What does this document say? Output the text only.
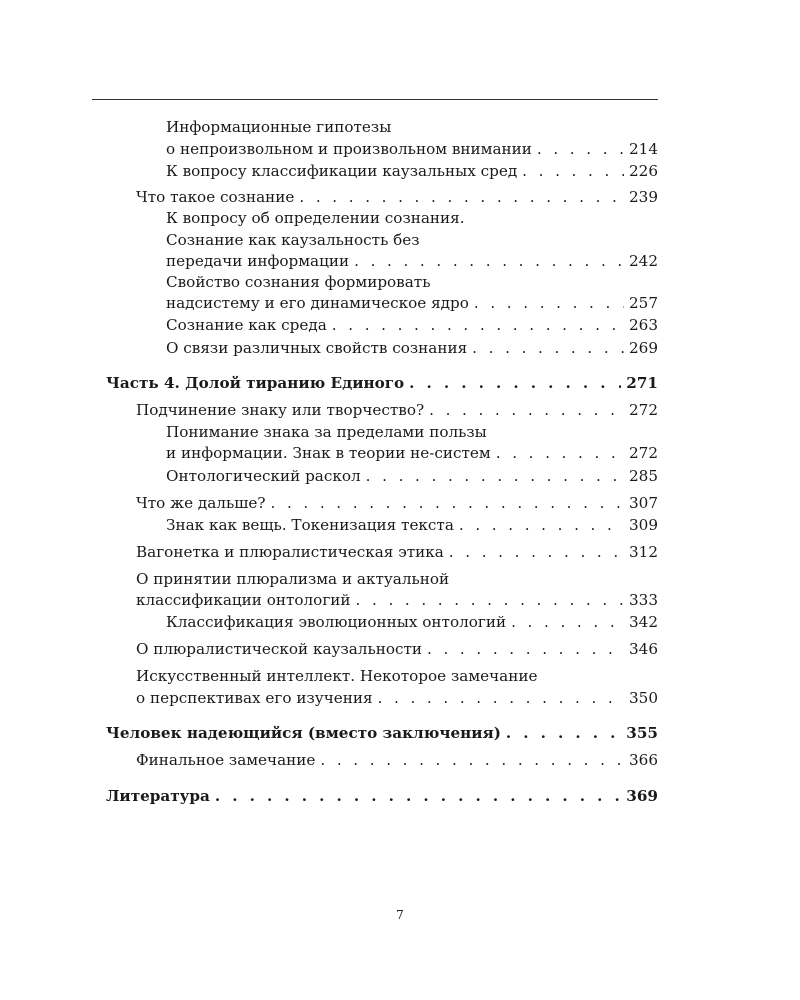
Информационные гипотезы
о непроизвольном и произвольном внимании . . .	214
К вопросу классификации каузальных сред . . .	226
Что такое сознание . . .	239
К вопросу об определении сознания.
Сознание как каузальность без
передачи информации . . .	242
Свойство сознания формировать
надсистему и его динамическое ядро . . .	257
Сознание как среда . . .	263
О связи различных свойств сознания . . .	269
Часть 4. Долой тиранию Единого . . .	271
Подчинение знаку или творчество? . . .	272
Понимание знака за пределами пользы
и информации. Знак в теории не-систем . . .	272
Онтологический раскол . . .	285
Что же дальше? . . .	307
Знак как вещь. Токенизация текста . . .	309
Вагонетка и плюралистическая этика . . .	312
О принятии плюрализма и актуальной
классификации онтологий . . .	333
Классификация эволюционных онтологий . . .	342
О плюралистической каузальности . . .	346
Искусственный интеллект. Некоторое замечание
о перспективах его изучения . . .	350
Человек надеющийся (вместо заключения) . . .	355
Финальное замечание . . .	366
Литература . . .	369
7
